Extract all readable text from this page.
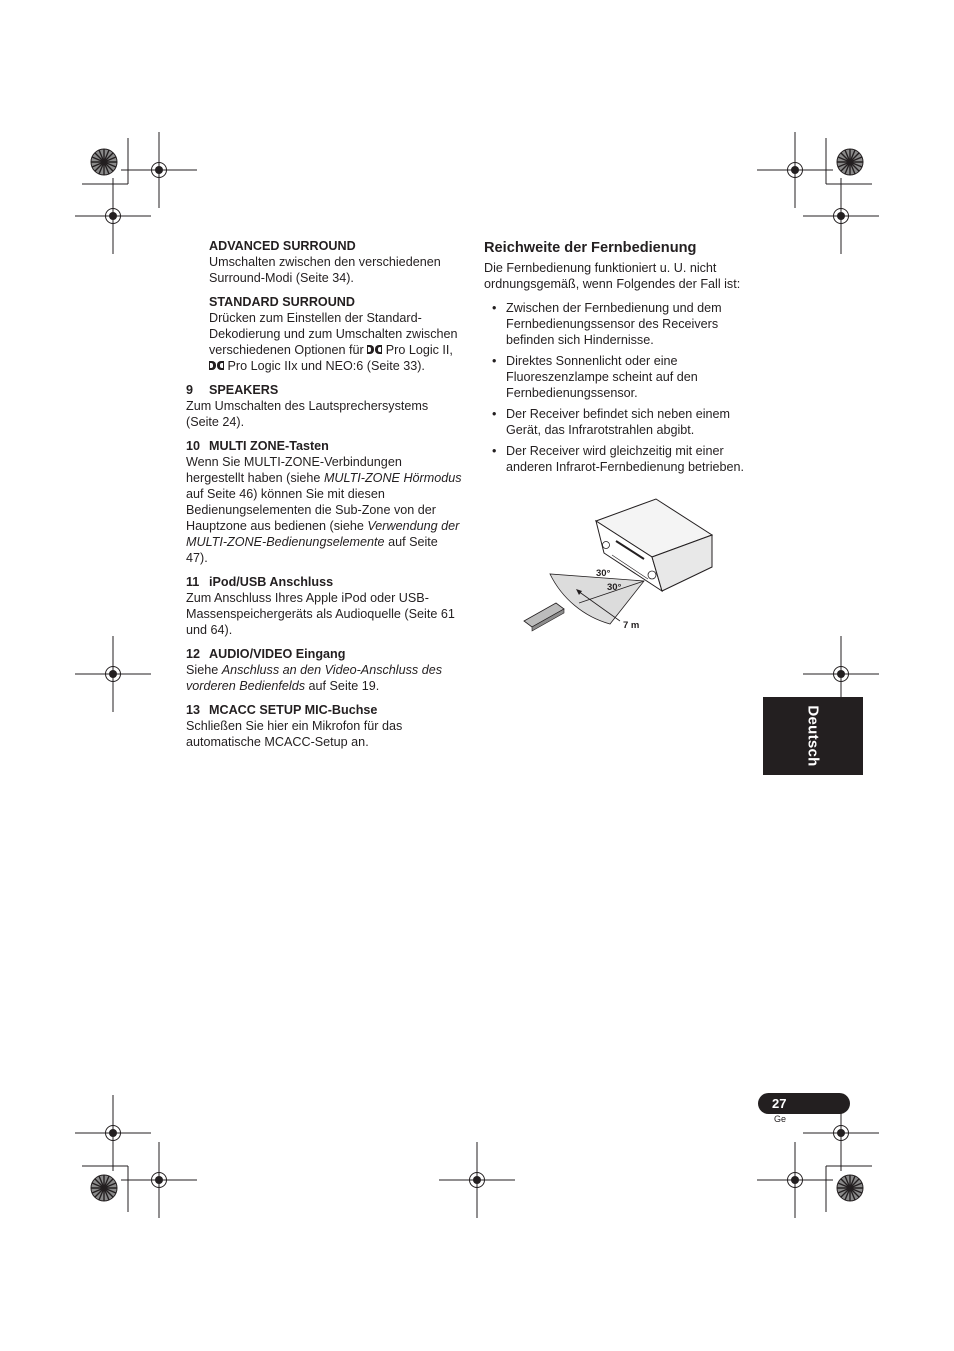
ADVANCED SURROUND

Umschalten zwischen den verschiedenen Surround-Modi (Seite 34).

STANDARD SURROUND

Drücken zum Einstellen der Standard-Dekodierung und zum Umschalten zwischen verschiedenen Optionen für Pro Logic II,
Pro Logic IIx und NEO:6 (Seite 33).

9 SPEAKERS

Zum Umschalten des Lautsprechersystems (Seite 24).

10 MULTI ZONE-Tasten

Wenn Sie MULTI-ZONE-Verbindungen hergestellt haben (siehe MULTI-ZONE Hörmodus auf Seite 46) können Sie mit diesen Bedienungselementen die Sub-Zone von der Hauptzone aus bedienen (siehe Verwendung der MULTI-ZONE-Bedienungselemente auf Seite 47).

11 iPod/USB Anschluss

Zum Anschluss Ihres Apple iPod oder USB-Massenspeichergeräts als Audioquelle (Seite 61 und 64).

12 AUDIO/VIDEO Eingang

Siehe Anschluss an den Video-Anschluss des vorderen Bedienfelds auf Seite 19.

13 MCACC SETUP MIC-Buchse

Schließen Sie hier ein Mikrofon für das automatische MCACC-Setup an.

Reichweite der Fernbedienung

Die Fernbedienung funktioniert u. U. nicht ordnungsgemäß, wenn Folgendes der Fall ist:

• Zwischen der Fernbedienung und dem Fernbedienungssensor des Receivers befinden sich Hindernisse.
• Direktes Sonnenlicht oder eine Fluoreszenzlampe scheint auf den Fernbedienungssensor.
• Der Receiver befindet sich neben einem Gerät, das Infrarotstrahlen abgibt.
• Der Receiver wird gleichzeitig mit einer anderen Infrarot-Fernbedienung betrieben.
30°
30°
7 m
Deutsch
27
Ge
